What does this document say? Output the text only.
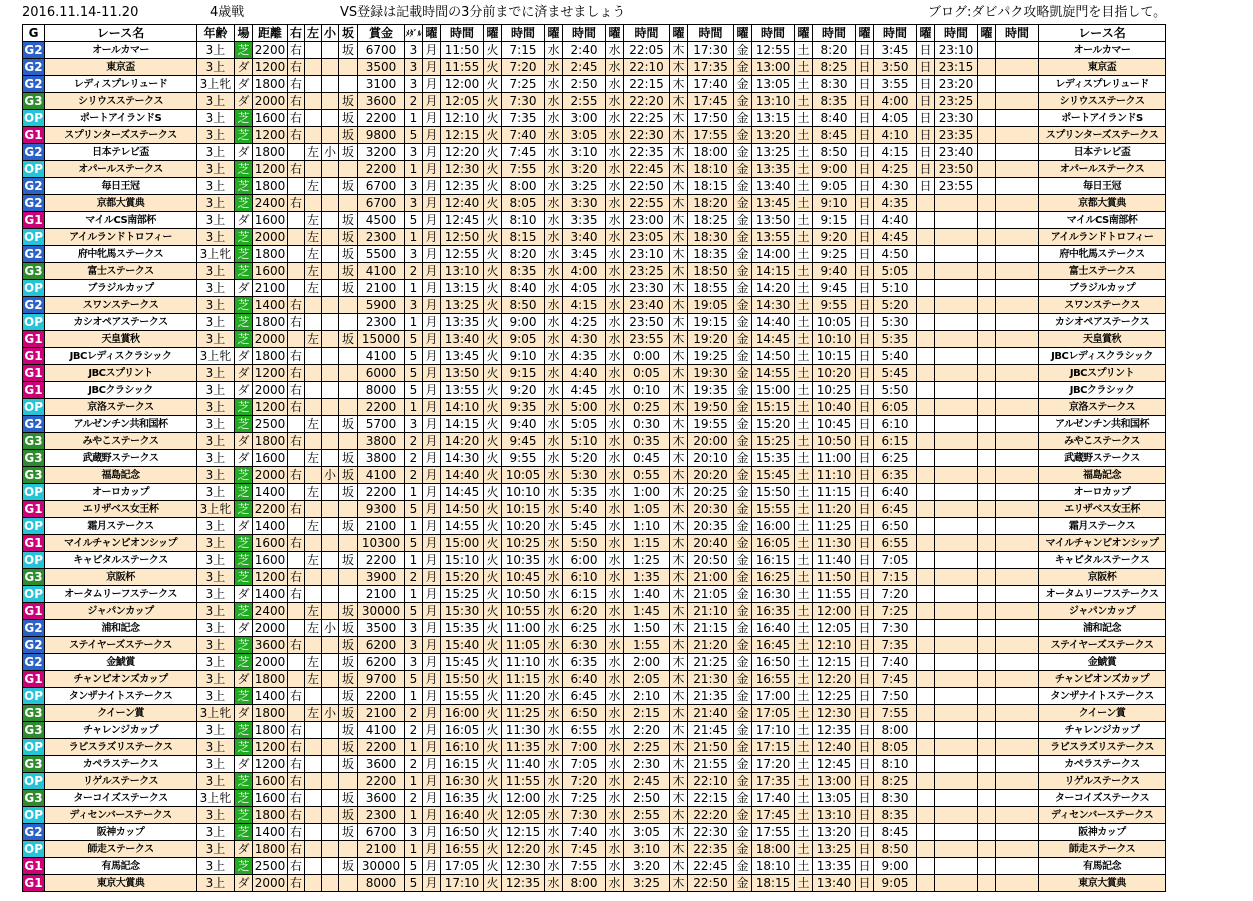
2016.11.14-11.20	4歳戦	VS登録は記載時間の3分前までに済ませましょう	ブログ:ダビパク攻略凱旋門を目指して。
G	レース名	年齢	場	距離	右	左	小	坂	賞金	ﾒﾀﾞﾙ	曜	時間	曜	時間	曜	時間	曜	時間	曜	時間	曜	時間	曜	時間	曜	時間	曜	時間	曜	時間	レース名
G2	オールカマー	3上	芝	2200	右			坂	6700	3	月	11:50	火	7:15	水	2:40	水	22:05	木	17:30	金	12:55	土	8:20	日	3:45	日	23:10			オールカマー
G2	東京盃	3上	ダ	1200	右				3500	3	月	11:55	火	7:20	水	2:45	水	22:10	木	17:35	金	13:00	土	8:25	日	3:50	日	23:15			東京盃
G2	レディスプレリュード	3上牝	ダ	1800	右				3100	3	月	12:00	火	7:25	水	2:50	水	22:15	木	17:40	金	13:05	土	8:30	日	3:55	日	23:20			レディスプレリュード
G3	シリウスステークス	3上	ダ	2000	右			坂	3600	2	月	12:05	火	7:30	水	2:55	水	22:20	木	17:45	金	13:10	土	8:35	日	4:00	日	23:25			シリウスステークス
OP	ポートアイランドS	3上	芝	1600	右			坂	2200	1	月	12:10	火	7:35	水	3:00	水	22:25	木	17:50	金	13:15	土	8:40	日	4:05	日	23:30			ポートアイランドS
G1	スプリンターズステークス	3上	芝	1200	右			坂	9800	5	月	12:15	火	7:40	水	3:05	水	22:30	木	17:55	金	13:20	土	8:45	日	4:10	日	23:35			スプリンターズステークス
G2	日本テレビ盃	3上	ダ	1800		左	小	坂	3200	3	月	12:20	火	7:45	水	3:10	水	22:35	木	18:00	金	13:25	土	8:50	日	4:15	日	23:40			日本テレビ盃
OP	オパールステークス	3上	芝	1200	右				2200	1	月	12:30	火	7:55	水	3:20	水	22:45	木	18:10	金	13:35	土	9:00	日	4:25	日	23:50			オパールステークス
G2	毎日王冠	3上	芝	1800		左		坂	6700	3	月	12:35	火	8:00	水	3:25	水	22:50	木	18:15	金	13:40	土	9:05	日	4:30	日	23:55			毎日王冠
G2	京都大賞典	3上	芝	2400	右				6700	3	月	12:40	火	8:05	水	3:30	水	22:55	木	18:20	金	13:45	土	9:10	日	4:35					京都大賞典
G1	マイルCS南部杯	3上	ダ	1600		左		坂	4500	5	月	12:45	火	8:10	水	3:35	水	23:00	木	18:25	金	13:50	土	9:15	日	4:40					マイルCS南部杯
OP	アイルランドトロフィー	3上	芝	2000		左		坂	2300	1	月	12:50	火	8:15	水	3:40	水	23:05	木	18:30	金	13:55	土	9:20	日	4:45					アイルランドトロフィー
G2	府中牝馬ステークス	3上牝	芝	1800		左		坂	5500	3	月	12:55	火	8:20	水	3:45	水	23:10	木	18:35	金	14:00	土	9:25	日	4:50					府中牝馬ステークス
G3	富士ステークス	3上	芝	1600		左		坂	4100	2	月	13:10	火	8:35	水	4:00	水	23:25	木	18:50	金	14:15	土	9:40	日	5:05					富士ステークス
OP	ブラジルカップ	3上	ダ	2100		左		坂	2100	1	月	13:15	火	8:40	水	4:05	水	23:30	木	18:55	金	14:20	土	9:45	日	5:10					ブラジルカップ
G2	スワンステークス	3上	芝	1400	右				5900	3	月	13:25	火	8:50	水	4:15	水	23:40	木	19:05	金	14:30	土	9:55	日	5:20					スワンステークス
OP	カシオペアステークス	3上	芝	1800	右				2300	1	月	13:35	火	9:00	水	4:25	水	23:50	木	19:15	金	14:40	土	10:05	日	5:30					カシオペアステークス
G1	天皇賞秋	3上	芝	2000		左		坂	15000	5	月	13:40	火	9:05	水	4:30	水	23:55	木	19:20	金	14:45	土	10:10	日	5:35					天皇賞秋
G1	JBCレディスクラシック	3上牝	ダ	1800	右				4100	5	月	13:45	火	9:10	水	4:35	水	0:00	木	19:25	金	14:50	土	10:15	日	5:40					JBCレディスクラシック
G1	JBCスプリント	3上	ダ	1200	右				6000	5	月	13:50	火	9:15	水	4:40	水	0:05	木	19:30	金	14:55	土	10:20	日	5:45					JBCスプリント
G1	JBCクラシック	3上	ダ	2000	右				8000	5	月	13:55	火	9:20	水	4:45	水	0:10	木	19:35	金	15:00	土	10:25	日	5:50					JBCクラシック
OP	京洛ステークス	3上	芝	1200	右				2200	1	月	14:10	火	9:35	水	5:00	水	0:25	木	19:50	金	15:15	土	10:40	日	6:05					京洛ステークス
G2	アルゼンチン共和国杯	3上	芝	2500		左		坂	5700	3	月	14:15	火	9:40	水	5:05	水	0:30	木	19:55	金	15:20	土	10:45	日	6:10					アルゼンチン共和国杯
G3	みやこステークス	3上	ダ	1800	右				3800	2	月	14:20	火	9:45	水	5:10	水	0:35	木	20:00	金	15:25	土	10:50	日	6:15					みやこステークス
G3	武蔵野ステークス	3上	ダ	1600		左		坂	3800	2	月	14:30	火	9:55	水	5:20	水	0:45	木	20:10	金	15:35	土	11:00	日	6:25					武蔵野ステークス
G3	福島記念	3上	芝	2000	右		小	坂	4100	2	月	14:40	火	10:05	水	5:30	水	0:55	木	20:20	金	15:45	土	11:10	日	6:35					福島記念
OP	オーロカップ	3上	芝	1400		左		坂	2200	1	月	14:45	火	10:10	水	5:35	水	1:00	木	20:25	金	15:50	土	11:15	日	6:40					オーロカップ
G1	エリザベス女王杯	3上牝	芝	2200	右				9300	5	月	14:50	火	10:15	水	5:40	水	1:05	木	20:30	金	15:55	土	11:20	日	6:45					エリザベス女王杯
OP	霜月ステークス	3上	ダ	1400		左		坂	2100	1	月	14:55	火	10:20	水	5:45	水	1:10	木	20:35	金	16:00	土	11:25	日	6:50					霜月ステークス
G1	マイルチャンピオンシップ	3上	芝	1600	右				10300	5	月	15:00	火	10:25	水	5:50	水	1:15	木	20:40	金	16:05	土	11:30	日	6:55					マイルチャンピオンシップ
OP	キャピタルステークス	3上	芝	1600		左		坂	2200	1	月	15:10	火	10:35	水	6:00	水	1:25	木	20:50	金	16:15	土	11:40	日	7:05					キャピタルステークス
G3	京阪杯	3上	芝	1200	右				3900	2	月	15:20	火	10:45	水	6:10	水	1:35	木	21:00	金	16:25	土	11:50	日	7:15					京阪杯
OP	オータムリーフステークス	3上	ダ	1400	右				2100	1	月	15:25	火	10:50	水	6:15	水	1:40	木	21:05	金	16:30	土	11:55	日	7:20					オータムリーフステークス
G1	ジャパンカップ	3上	芝	2400		左		坂	30000	5	月	15:30	火	10:55	水	6:20	水	1:45	木	21:10	金	16:35	土	12:00	日	7:25					ジャパンカップ
G2	浦和記念	3上	ダ	2000		左	小	坂	3500	3	月	15:35	火	11:00	水	6:25	水	1:50	木	21:15	金	16:40	土	12:05	日	7:30					浦和記念
G2	ステイヤーズステークス	3上	芝	3600	右			坂	6200	3	月	15:40	火	11:05	水	6:30	水	1:55	木	21:20	金	16:45	土	12:10	日	7:35					ステイヤーズステークス
G2	金鯱賞	3上	芝	2000		左		坂	6200	3	月	15:45	火	11:10	水	6:35	水	2:00	木	21:25	金	16:50	土	12:15	日	7:40					金鯱賞
G1	チャンピオンズカップ	3上	ダ	1800		左		坂	9700	5	月	15:50	火	11:15	水	6:40	水	2:05	木	21:30	金	16:55	土	12:20	日	7:45					チャンピオンズカップ
OP	タンザナイトステークス	3上	芝	1400	右			坂	2200	1	月	15:55	火	11:20	水	6:45	水	2:10	木	21:35	金	17:00	土	12:25	日	7:50					タンザナイトステークス
G3	クイーン賞	3上牝	ダ	1800		左	小	坂	2100	2	月	16:00	火	11:25	水	6:50	水	2:15	木	21:40	金	17:05	土	12:30	日	7:55					クイーン賞
G3	チャレンジカップ	3上	芝	1800	右			坂	4100	2	月	16:05	火	11:30	水	6:55	水	2:20	木	21:45	金	17:10	土	12:35	日	8:00					チャレンジカップ
OP	ラピスラズリステークス	3上	芝	1200	右			坂	2200	1	月	16:10	火	11:35	水	7:00	水	2:25	木	21:50	金	17:15	土	12:40	日	8:05					ラピスラズリステークス
G3	カペラステークス	3上	ダ	1200	右			坂	3600	2	月	16:15	火	11:40	水	7:05	水	2:30	木	21:55	金	17:20	土	12:45	日	8:10					カペラステークス
OP	リゲルステークス	3上	芝	1600	右				2200	1	月	16:30	火	11:55	水	7:20	水	2:45	木	22:10	金	17:35	土	13:00	日	8:25					リゲルステークス
G3	ターコイズステークス	3上牝	芝	1600	右			坂	3600	2	月	16:35	火	12:00	水	7:25	水	2:50	木	22:15	金	17:40	土	13:05	日	8:30					ターコイズステークス
OP	ディセンバーステークス	3上	芝	1800	右			坂	2300	1	月	16:40	火	12:05	水	7:30	水	2:55	木	22:20	金	17:45	土	13:10	日	8:35					ディセンバーステークス
G2	阪神カップ	3上	芝	1400	右			坂	6700	3	月	16:50	火	12:15	水	7:40	水	3:05	木	22:30	金	17:55	土	13:20	日	8:45					阪神カップ
OP	師走ステークス	3上	ダ	1800	右				2100	1	月	16:55	火	12:20	水	7:45	水	3:10	木	22:35	金	18:00	土	13:25	日	8:50					師走ステークス
G1	有馬記念	3上	芝	2500	右			坂	30000	5	月	17:05	火	12:30	水	7:55	水	3:20	木	22:45	金	18:10	土	13:35	日	9:00					有馬記念
G1	東京大賞典	3上	ダ	2000	右				8000	5	月	17:10	火	12:35	水	8:00	水	3:25	木	22:50	金	18:15	土	13:40	日	9:05					東京大賞典
